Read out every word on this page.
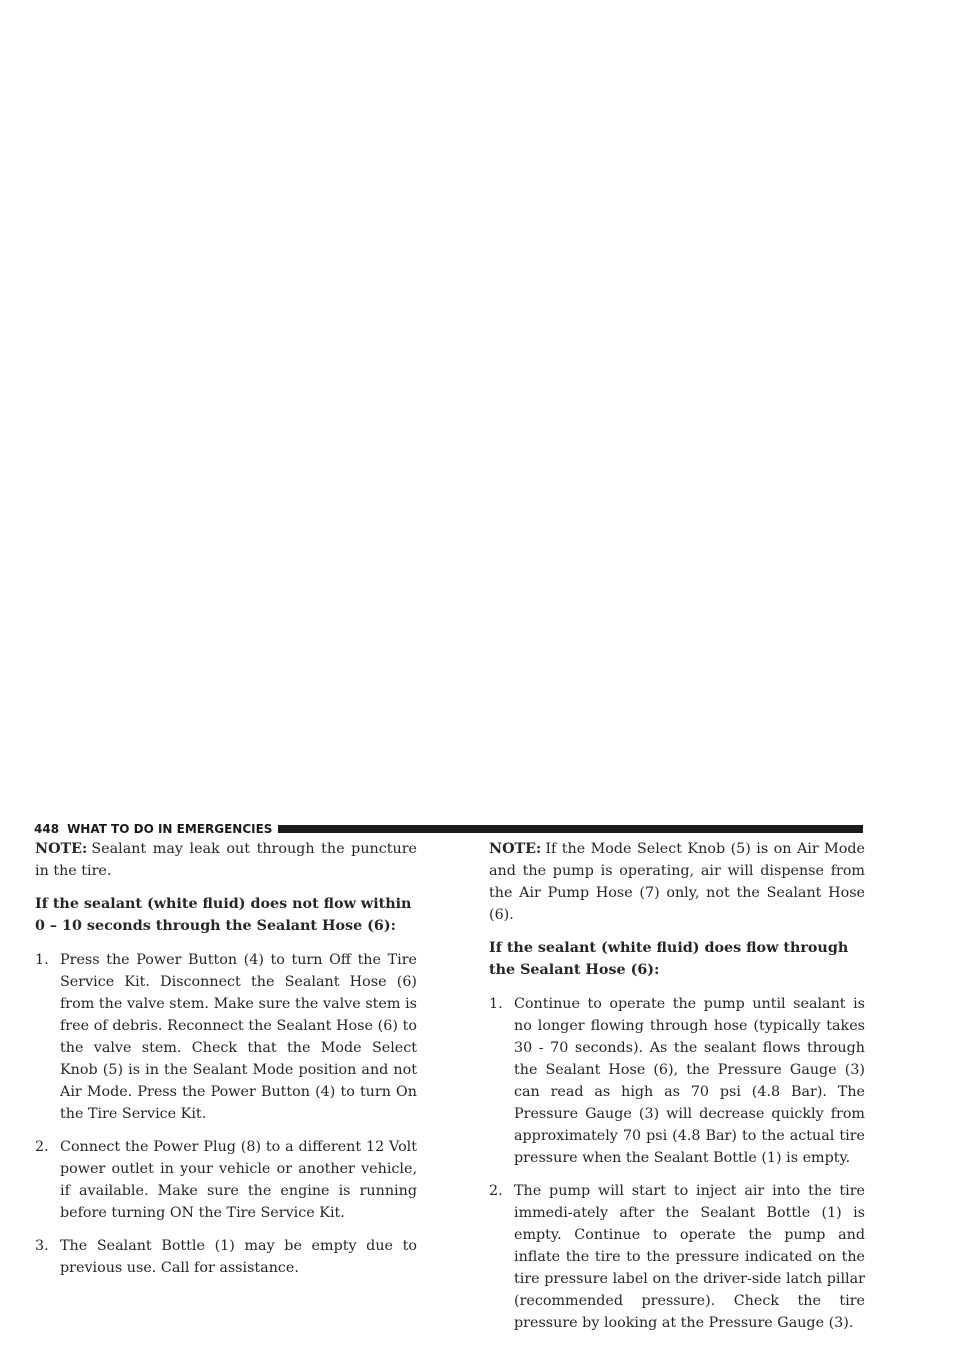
448 WHAT TO DO IN EMERGENCIES

NOTE: Sealant may leak out through the puncture in the tire.

If the sealant (white fluid) does not flow within
0 – 10 seconds through the Sealant Hose (6):
1. Press the Power Button (4) to turn Off the Tire Service Kit. Disconnect the Sealant Hose (6) from the valve stem. Make sure the valve stem is free of debris. Reconnect the Sealant Hose (6) to the valve stem. Check that the Mode Select Knob (5) is in the Sealant Mode position and not Air Mode. Press the Power Button (4) to turn On the Tire Service Kit.
2. Connect the Power Plug (8) to a different 12 Volt power outlet in your vehicle or another vehicle, if available. Make sure the engine is running before turning ON the Tire Service Kit.
3. The Sealant Bottle (1) may be empty due to previous use. Call for assistance.

NOTE: If the Mode Select Knob (5) is on Air Mode and the pump is operating, air will dispense from the Air Pump Hose (7) only, not the Sealant Hose (6).

If the sealant (white fluid) does flow through the Sealant Hose (6):
1. Continue to operate the pump until sealant is no longer flowing through hose (typically takes 30 - 70 seconds). As the sealant flows through the Sealant Hose (6), the Pressure Gauge (3) can read as high as 70 psi (4.8 Bar). The Pressure Gauge (3) will decrease quickly from approximately 70 psi (4.8 Bar) to the actual tire pressure when the Sealant Bottle (1) is empty.
2. The pump will start to inject air into the tire immedi-ately after the Sealant Bottle (1) is empty. Continue to operate the pump and inflate the tire to the pressure indicated on the tire pressure label on the driver-side latch pillar (recommended pressure). Check the tire pressure by looking at the Pressure Gauge (3).
